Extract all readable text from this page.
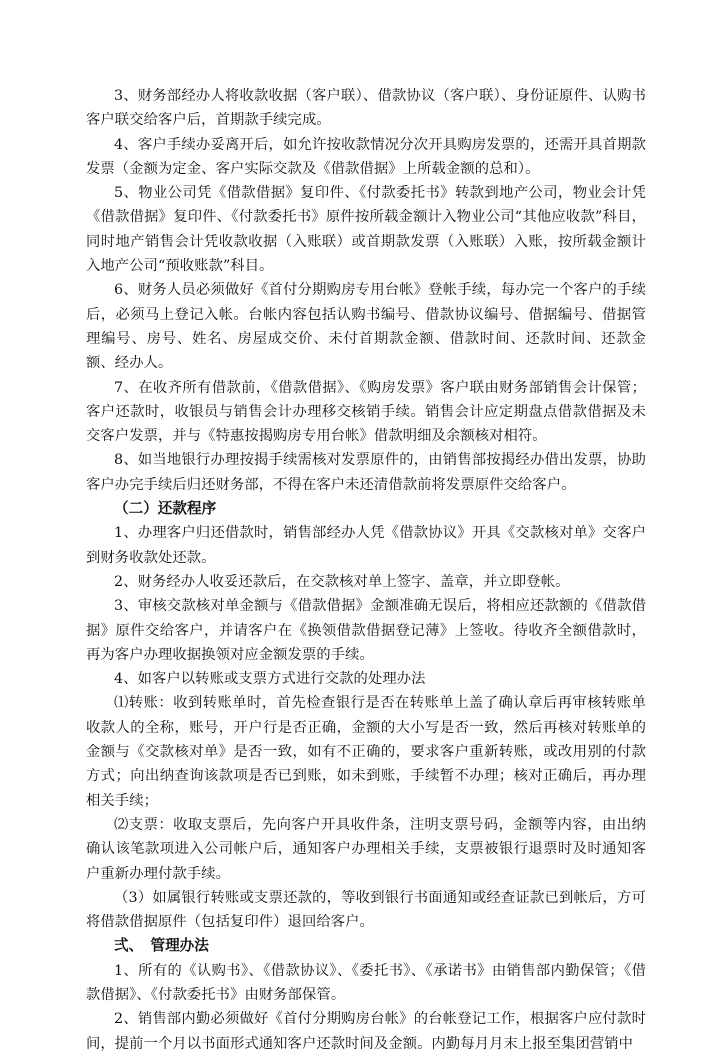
3、财务部经办人将收款收据（客户联）、借款协议（客户联）、身份证原件、认购书客户联交给客户后，首期款手续完成。

4、客户手续办妥离开后，如允许按收款情况分次开具购房发票的，还需开具首期款发票（金额为定金、客户实际交款及《借款借据》上所载金额的总和）。

5、物业公司凭《借款借据》复印件、《付款委托书》转款到地产公司，物业会计凭《借款借据》复印件、《付款委托书》原件按所载金额计入物业公司“其他应收款”科目，同时地产销售会计凭收款收据（入账联）或首期款发票（入账联）入账，按所载金额计入地产公司“预收账款”科目。

6、财务人员必须做好《首付分期购房专用台帐》登帐手续，每办完一个客户的手续后，必须马上登记入帐。台帐内容包括认购书编号、借款协议编号、借据编号、借据管理编号、房号、姓名、房屋成交价、未付首期款金额、借款时间、还款时间、还款金额、经办人。

7、在收齐所有借款前，《借款借据》、《购房发票》客户联由财务部销售会计保管；客户还款时，收银员与销售会计办理移交核销手续。销售会计应定期盘点借款借据及未交客户发票，并与《特惠按揭购房专用台帐》借款明细及余额核对相符。

8、如当地银行办理按揭手续需核对发票原件的，由销售部按揭经办借出发票，协助客户办完手续后归还财务部，不得在客户未还清借款前将发票原件交给客户。

（二）还款程序

1、办理客户归还借款时，销售部经办人凭《借款协议》开具《交款核对单》交客户到财务收款处还款。

2、财务经办人收妥还款后，在交款核对单上签字、盖章，并立即登帐。

3、审核交款核对单金额与《借款借据》金额准确无误后，将相应还款额的《借款借据》原件交给客户，并请客户在《换领借款借据登记薄》上签收。待收齐全额借款时，再为客户办理收据换领对应金额发票的手续。

4、如客户以转账或支票方式进行交款的处理办法

⑴转账：收到转账单时，首先检查银行是否在转账单上盖了确认章后再审核转账单收款人的全称，账号，开户行是否正确，金额的大小写是否一致，然后再核对转账单的金额与《交款核对单》是否一致，如有不正确的，要求客户重新转账，或改用别的付款方式；向出纳查询该款项是否已到账，如未到账，手续暂不办理；核对正确后，再办理相关手续；

⑵支票：收取支票后，先向客户开具收件条，注明支票号码，金额等内容，由出纳确认该笔款项进入公司帐户后，通知客户办理相关手续，支票被银行退票时及时通知客户重新办理付款手续。

（3）如属银行转账或支票还款的，等收到银行书面通知或经查证款已到帐后，方可将借款借据原件（包括复印件）退回给客户。

弍、　管理办法

1、所有的《认购书》、《借款协议》、《委托书》、《承诺书》由销售部内勤保管；《借款借据》、《付款委托书》由财务部保管。

2、销售部内勤必须做好《首付分期购房台帐》的台帐登记工作，根据客户应付款时间，提前一个月以书面形式通知客户还款时间及金额。内勤每月月末上报至集团营销中
